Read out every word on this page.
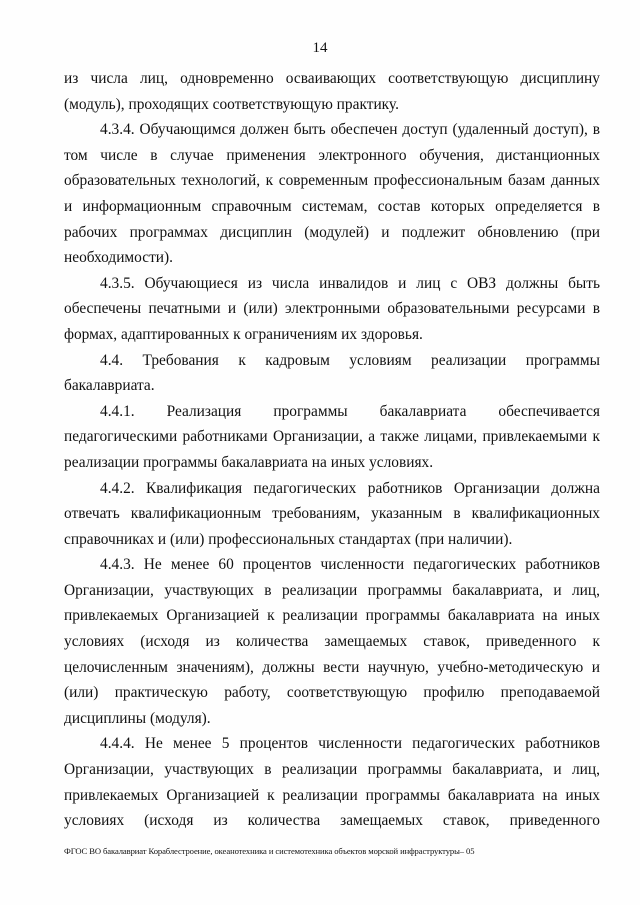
14

из числа лиц, одновременно осваивающих соответствующую дисциплину (модуль), проходящих соответствующую практику.

4.3.4. Обучающимся должен быть обеспечен доступ (удаленный доступ), в том числе в случае применения электронного обучения, дистанционных образовательных технологий, к современным профессиональным базам данных и информационным справочным системам, состав которых определяется в рабочих программах дисциплин (модулей) и подлежит обновлению (при необходимости).

4.3.5. Обучающиеся из числа инвалидов и лиц с ОВЗ должны быть обеспечены печатными и (или) электронными образовательными ресурсами в формах, адаптированных к ограничениям их здоровья.

4.4. Требования к кадровым условиям реализации программы бакалавриата.

4.4.1. Реализация программы бакалавриата обеспечивается педагогическими работниками Организации, а также лицами, привлекаемыми к реализации программы бакалавриата на иных условиях.

4.4.2. Квалификация педагогических работников Организации должна отвечать квалификационным требованиям, указанным в квалификационных справочниках и (или) профессиональных стандартах (при наличии).

4.4.3. Не менее 60 процентов численности педагогических работников Организации, участвующих в реализации программы бакалавриата, и лиц, привлекаемых Организацией к реализации программы бакалавриата на иных условиях (исходя из количества замещаемых ставок, приведенного к целочисленным значениям), должны вести научную, учебно-методическую и (или) практическую работу, соответствующую профилю преподаваемой дисциплины (модуля).

4.4.4. Не менее 5 процентов численности педагогических работников Организации, участвующих в реализации программы бакалавриата, и лиц, привлекаемых Организацией к реализации программы бакалавриата на иных условиях (исходя из количества замещаемых ставок, приведенного

ФГОС ВО бакалавриат Кораблестроение, океанотехника и системотехника объектов морской инфраструктуры– 05
